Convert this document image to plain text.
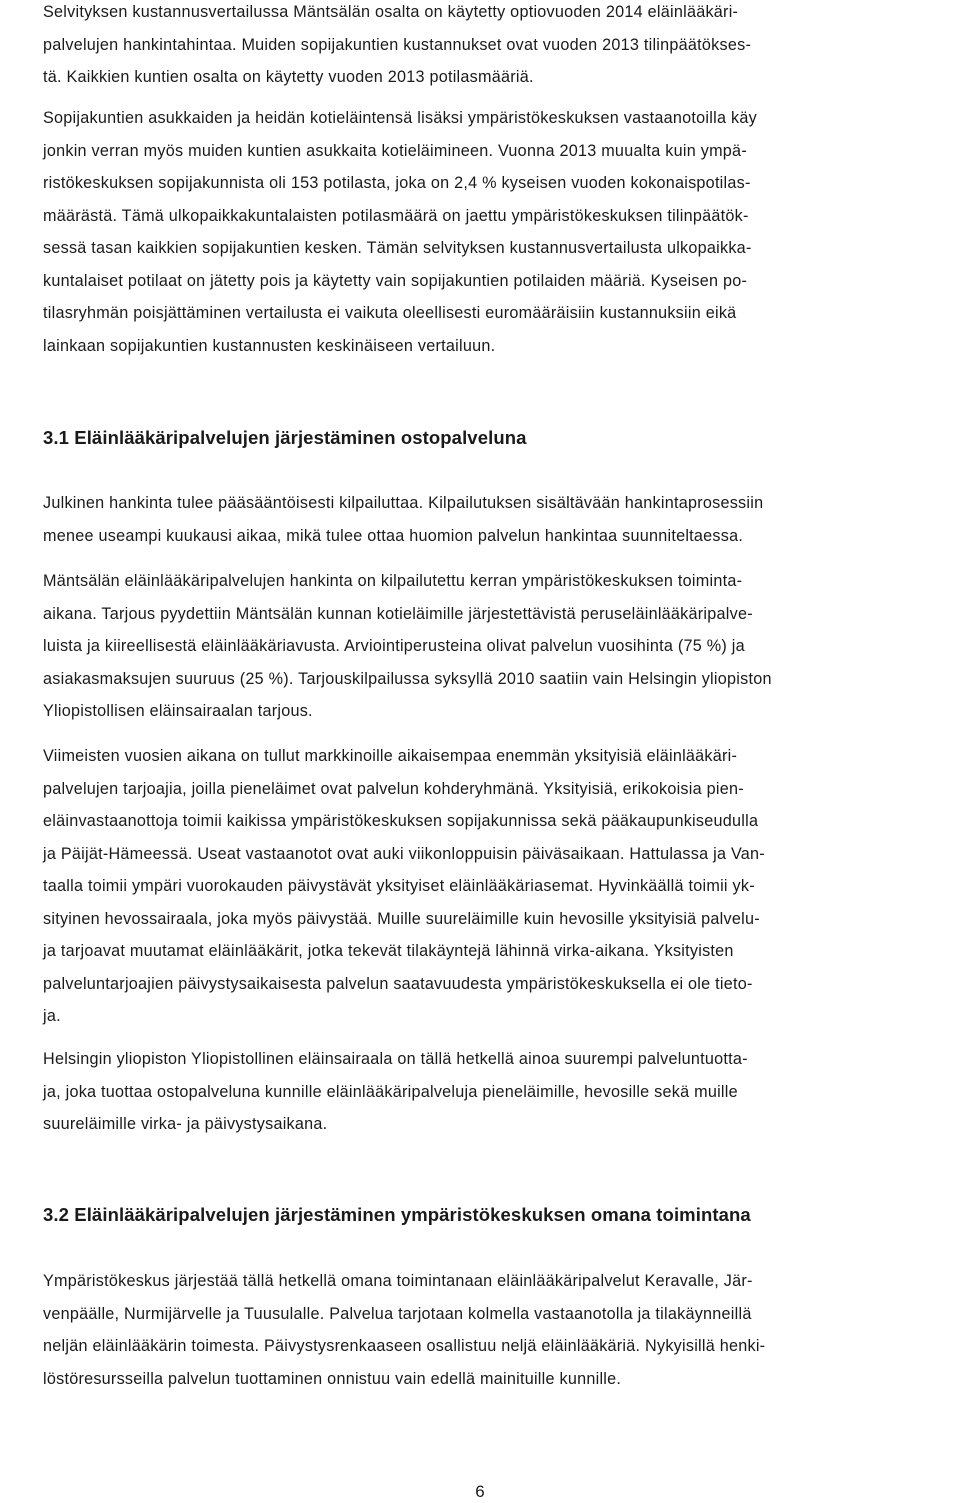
Selvityksen kustannusvertailussa Mäntsälän osalta on käytetty optiovuoden 2014 eläinlääkäri-
palvelujen hankintahintaa. Muiden sopijakuntien kustannukset ovat vuoden 2013 tilinpäätökses-
tä. Kaikkien kuntien osalta on käytetty vuoden 2013 potilasmääriä.
Sopijakuntien asukkaiden ja heidän kotieläintensä lisäksi ympäristökeskuksen vastaanotoilla käy
jonkin verran myös muiden kuntien asukkaita kotieläimineen. Vuonna 2013 muualta kuin ympä-
ristökeskuksen sopijakunnista oli 153 potilasta, joka on 2,4 % kyseisen vuoden kokonaispotilas-
määrästä. Tämä ulkopaikkakuntalaisten potilasmäärä on jaettu ympäristökeskuksen tilinpäätök-
sessä tasan kaikkien sopijakuntien kesken. Tämän selvityksen kustannusvertailusta ulkopaikka-
kuntalaiset potilaat on jätetty pois ja käytetty vain sopijakuntien potilaiden määriä. Kyseisen po-
tilasryhmän poisjättäminen vertailusta ei vaikuta oleellisesti euromääräisiin kustannuksiin eikä
lainkaan sopijakuntien kustannusten keskinäiseen vertailuun.
3.1 Eläinlääkäripalvelujen järjestäminen ostopalveluna
Julkinen hankinta tulee pääsääntöisesti kilpailuttaa. Kilpailutuksen sisältävään hankintaprosessiin
menee useampi kuukausi aikaa, mikä tulee ottaa huomion palvelun hankintaa suunniteltaessa.
Mäntsälän eläinlääkäripalvelujen hankinta on kilpailutettu kerran ympäristökeskuksen toiminta-
aikana. Tarjous pyydettiin Mäntsälän kunnan kotieläimille järjestettävistä peruseläinlääkäripalve-
luista ja kiireellisestä eläinlääkäriavusta. Arviointiperusteina olivat palvelun vuosihinta (75 %) ja
asiakasmaksujen suuruus (25 %). Tarjouskilpailussa syksyllä 2010 saatiin vain Helsingin yliopiston
Yliopistollisen eläinsairaalan tarjous.
Viimeisten vuosien aikana on tullut markkinoille aikaisempaa enemmän yksityisiä eläinlääkäri-
palvelujen tarjoajia, joilla pieneläimet ovat palvelun kohderyhmänä. Yksityisiä, erikokoisia pien-
eläinvastaanottoja toimii kaikissa ympäristökeskuksen sopijakunnissa sekä pääkaupunkiseudulla
ja Päijät-Hämeessä. Useat vastaanotot ovat auki viikonloppuisin päiväsaikaan. Hattulassa ja Van-
taalla toimii ympäri vuorokauden päivystävät yksityiset eläinlääkäriasemat. Hyvinkäällä toimii yk-
sityinen hevossairaala, joka myös päivystää. Muille suureläimille kuin hevosille yksityisiä palvelu-
ja tarjoavat muutamat eläinlääkärit, jotka tekevät tilakäyntejä lähinnä virka-aikana. Yksityisten
palveluntarjoajien päivystysaikaisesta palvelun saatavuudesta ympäristökeskuksella ei ole tieto-
ja.
Helsingin yliopiston Yliopistollinen eläinsairaala on tällä hetkellä ainoa suurempi palveluntuotta-
ja, joka tuottaa ostopalveluna kunnille eläinlääkäripalveluja pieneläimille, hevosille sekä muille
suureläimille virka- ja päivystysaikana.
3.2 Eläinlääkäripalvelujen järjestäminen ympäristökeskuksen omana toimintana
Ympäristökeskus järjestää tällä hetkellä omana toimintanaan eläinlääkäripalvelut Keravalle, Jär-
venpäälle, Nurmijärvelle ja Tuusulalle. Palvelua tarjotaan kolmella vastaanotolla ja tilakäynneillä
neljän eläinlääkärin toimesta. Päivystysrenkaaseen osallistuu neljä eläinlääkäriä. Nykyisillä henki-
löstöresursseilla palvelun tuottaminen onnistuu vain edellä mainituille kunnille.
6
